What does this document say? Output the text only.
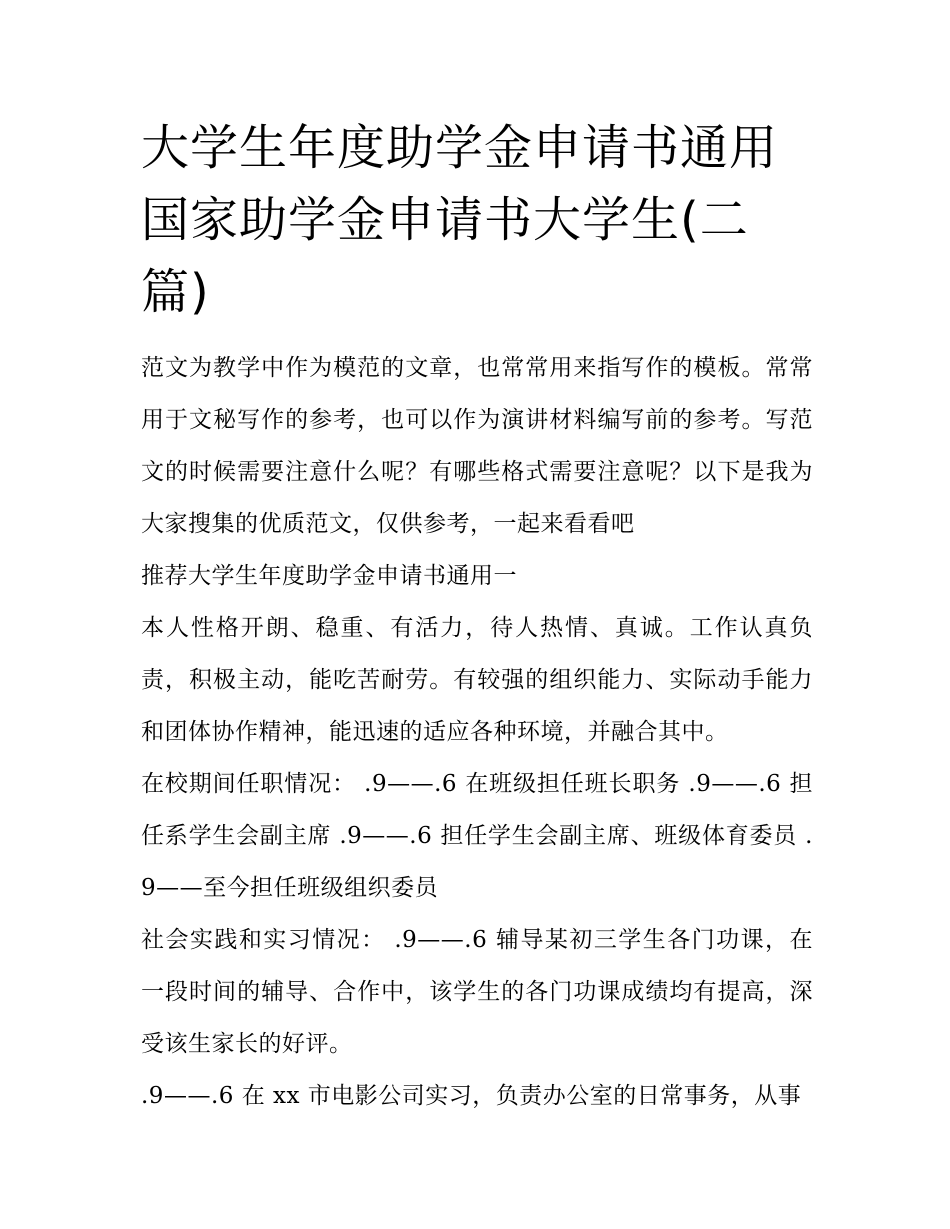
大学生年度助学金申请书通用国家助学金申请书大学生(二篇)

范文为教学中作为模范的文章，也常常用来指写作的模板。常常用于文秘写作的参考，也可以作为演讲材料编写前的参考。写范文的时候需要注意什么呢？有哪些格式需要注意呢？以下是我为大家搜集的优质范文，仅供参考，一起来看看吧

推荐大学生年度助学金申请书通用一

本人性格开朗、稳重、有活力，待人热情、真诚。工作认真负责，积极主动，能吃苦耐劳。有较强的组织能力、实际动手能力和团体协作精神，能迅速的适应各种环境，并融合其中。

在校期间任职情况： .9——.6 在班级担任班长职务 .9——.6 担任系学生会副主席 .9——.6 担任学生会副主席、班级体育委员 .9——至今担任班级组织委员

社会实践和实习情况： .9——.6 辅导某初三学生各门功课，在一段时间的辅导、合作中，该学生的各门功课成绩均有提高，深受该生家长的好评。

.9——.6 在 xx 市电影公司实习，负责办公室的日常事务，从事
